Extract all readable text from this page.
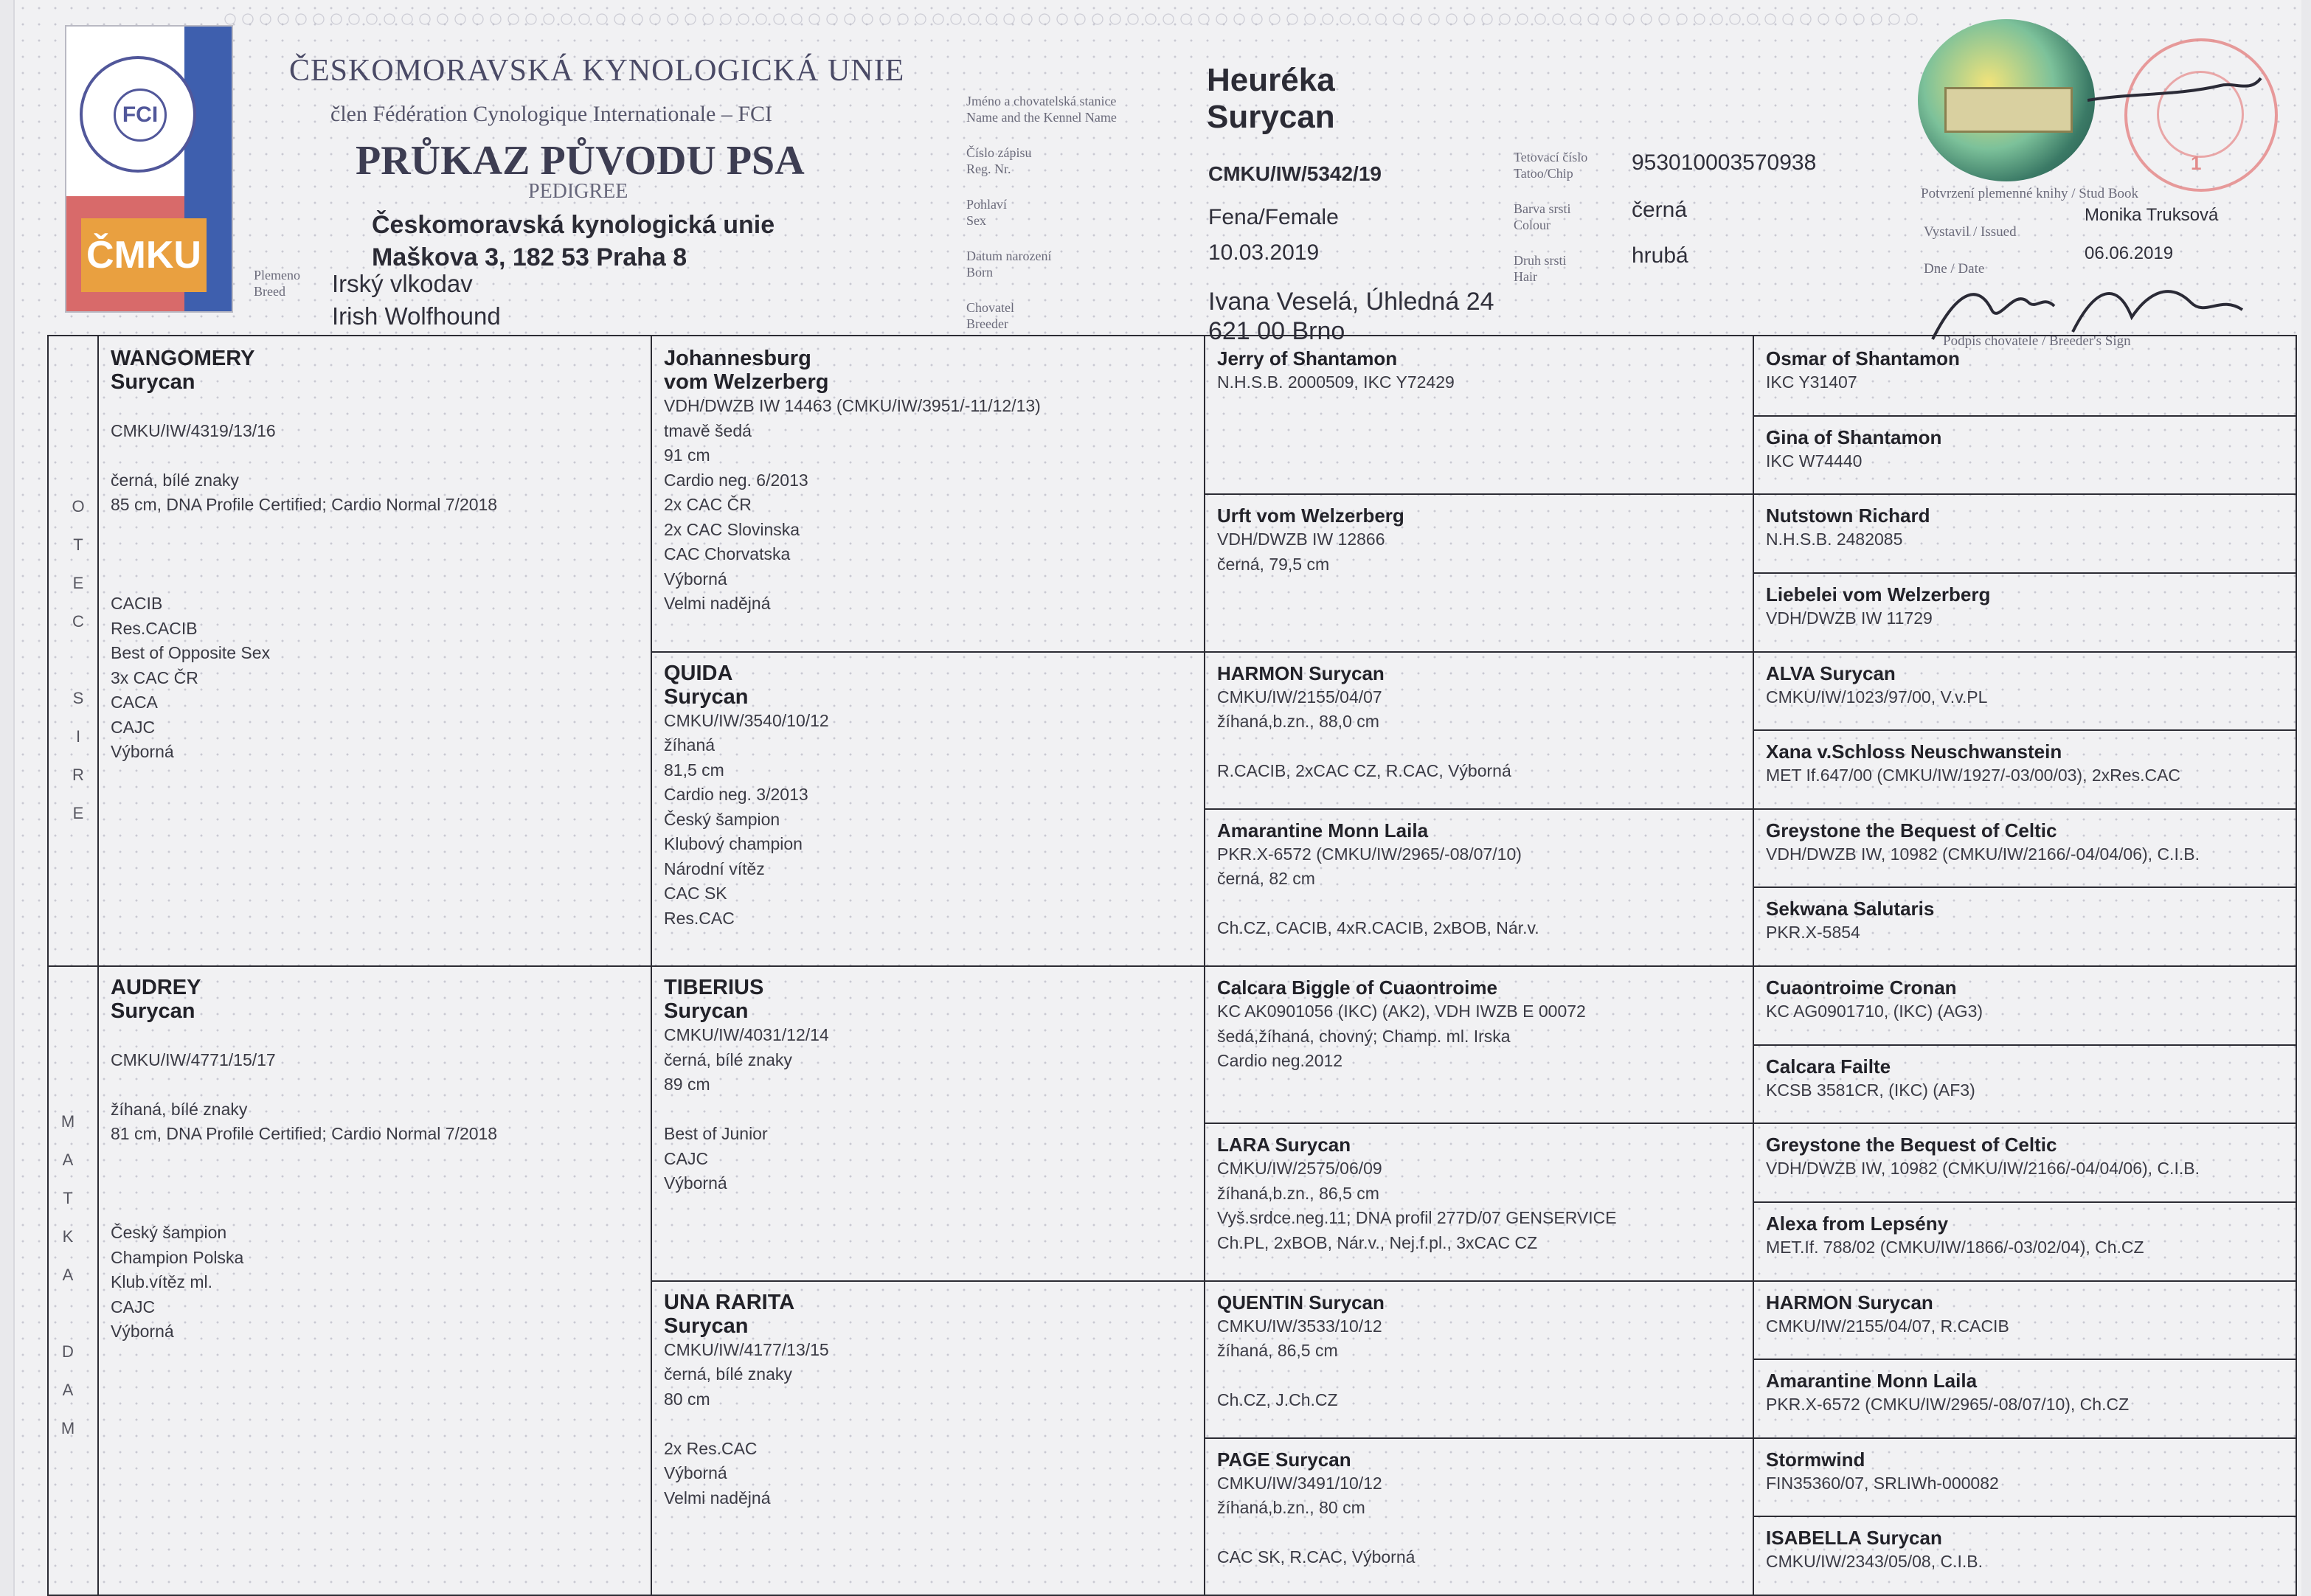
FCI
ČMKU
ČESKOMORAVSKÁ KYNOLOGICKÁ UNIE
člen Fédération Cynologique Internationale – FCI
PRŮKAZ PŮVODU PSA
PEDIGREE
Českomoravská kynologická unie
Maškova 3, 182 53 Praha 8
Plemeno
Breed	Irský vlkodav
Irish Wolfhound
Jméno a chovatelská stanice
Name and the Kennel Name
Číslo zápisu
Reg. Nr.
Pohlaví
Sex
Datum narození
Born
Chovatel
Breeder
Heuréka
Surycan
CMKU/IW/5342/19
Fena/Female
10.03.2019
Ivana Veselá, Úhledná 24
621 00 Brno
Tetovací číslo
Tatoo/Chip	953010003570938
Barva srsti
Colour
černá
Druh srsti
Hair
hrubá
1
Potvrzení plemenné knihy / Stud Book
Vystavil / Issued
Monika Truksová
Dne / Date
06.06.2019
Podpis chovatele / Breeder's Sign
WANGOMERY
Surycan

CMKU/IW/4319/13/16

černá, bílé znaky
85 cm, DNA Profile Certified; Cardio Normal 7/2018

CACIB
Res.CACIB
Best of Opposite Sex
3x CAC ČR
CACA
CAJC
Výborná
AUDREY
Surycan

CMKU/IW/4771/15/17

žíhaná, bílé znaky
81 cm, DNA Profile Certified; Cardio Normal 7/2018

Český šampion
Champion Polska
Klub.vítěz ml.
CAJC
Výborná
Johannesburg
vom Welzerberg
VDH/DWZB IW 14463 (CMKU/IW/3951/-11/12/13)
tmavě šedá
91 cm
Cardio neg. 6/2013
2x CAC ČR
2x CAC Slovinska
CAC Chorvatska
Výborná
Velmi nadějná
QUIDA
Surycan
CMKU/IW/3540/10/12
žíhaná
81,5 cm
Cardio neg. 3/2013
Český šampion
Klubový champion
Národní vítěz
CAC SK
Res.CAC
TIBERIUS
Surycan
CMKU/IW/4031/12/14
černá, bílé znaky
89 cm

Best of Junior
CAJC
Výborná
UNA RARITA
Surycan
CMKU/IW/4177/13/15
černá, bílé znaky
80 cm

2x Res.CAC
Výborná
Velmi nadějná
Jerry of Shantamon
N.H.S.B. 2000509, IKC Y72429
Urft vom Welzerberg
VDH/DWZB IW 12866
černá, 79,5 cm
HARMON Surycan
CMKU/IW/2155/04/07
žíhaná,b.zn., 88,0 cm

R.CACIB, 2xCAC CZ, R.CAC, Výborná
Amarantine Monn Laila
PKR.X-6572 (CMKU/IW/2965/-08/07/10)
černá, 82 cm

Ch.CZ, CACIB, 4xR.CACIB, 2xBOB, Nár.v.
Calcara Biggle of Cuaontroime
KC AK0901056 (IKC) (AK2), VDH IWZB E 00072
šedá,žíhaná, chovný; Champ. ml. Irska
Cardio neg.2012
LARA Surycan
CMKU/IW/2575/06/09
žíhaná,b.zn., 86,5 cm
Vyš.srdce.neg.11; DNA profil 277D/07 GENSERVICE
Ch.PL, 2xBOB, Nár.v., Nej.f.pl., 3xCAC CZ
QUENTIN Surycan
CMKU/IW/3533/10/12
žíhaná, 86,5 cm

Ch.CZ, J.Ch.CZ
PAGE Surycan
CMKU/IW/3491/10/12
žíhaná,b.zn., 80 cm

CAC SK, R.CAC, Výborná
Osmar of Shantamon
IKC Y31407
Gina of Shantamon
IKC W74440
Nutstown Richard
N.H.S.B. 2482085
Liebelei vom Welzerberg
VDH/DWZB IW 11729
ALVA Surycan
CMKU/IW/1023/97/00, V.v.PL
Xana v.Schloss Neuschwanstein
MET If.647/00 (CMKU/IW/1927/-03/00/03), 2xRes.CAC
Greystone the Bequest of Celtic
VDH/DWZB IW, 10982 (CMKU/IW/2166/-04/04/06), C.I.B.
Sekwana Salutaris
PKR.X-5854
Cuaontroime Cronan
KC AG0901710, (IKC) (AG3)
Calcara Failte
KCSB 3581CR, (IKC) (AF3)
Greystone the Bequest of Celtic
VDH/DWZB IW, 10982 (CMKU/IW/2166/-04/04/06), C.I.B.
Alexa from Lepsény
MET.If. 788/02 (CMKU/IW/1866/-03/02/04), Ch.CZ
HARMON Surycan
CMKU/IW/2155/04/07, R.CACIB
Amarantine Monn Laila
PKR.X-6572 (CMKU/IW/2965/-08/07/10), Ch.CZ
Stormwind
FIN35360/07, SRLIWh-000082
ISABELLA Surycan
CMKU/IW/2343/05/08, C.I.B.
O
T
E
C
S
I
R
E
M
A
T
K
A
D
A
M
